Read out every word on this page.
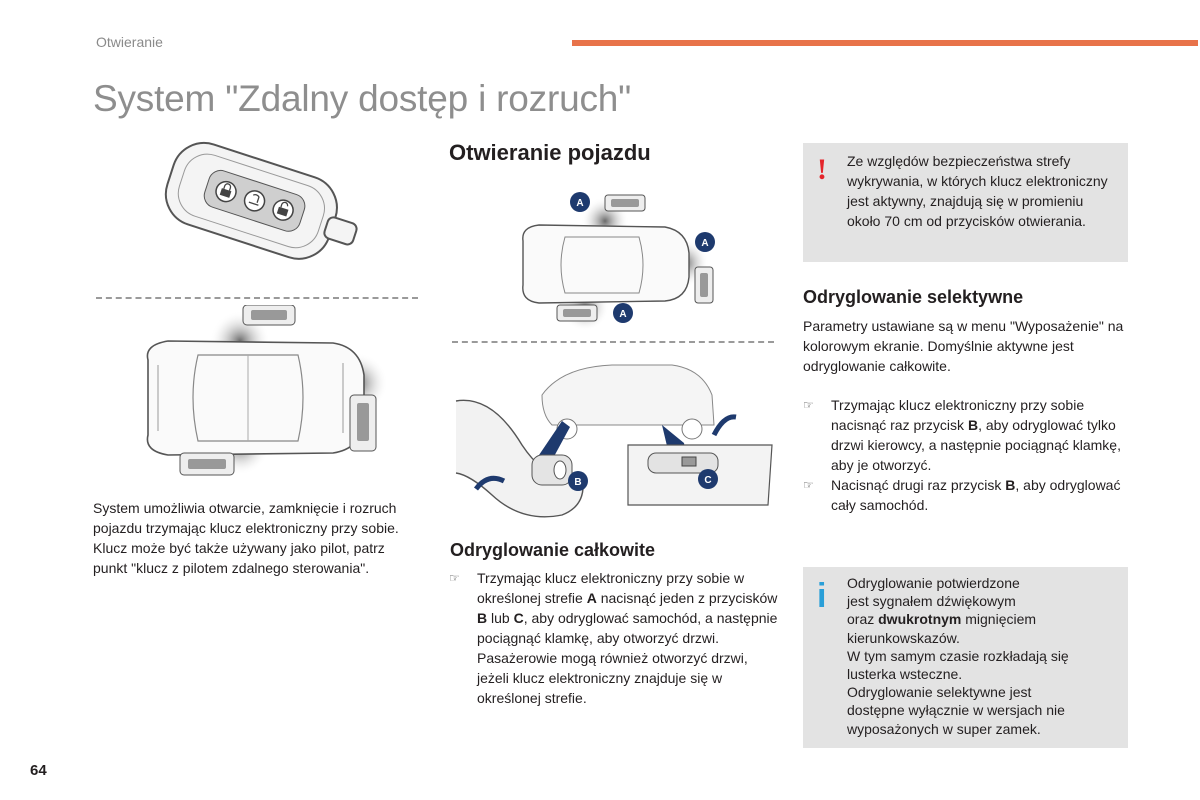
Otwieranie
System "Zdalny dostęp i rozruch"

System umożliwia otwarcie, zamknięcie i rozruch pojazdu trzymając klucz elektroniczny przy sobie.

Klucz może być także używany jako pilot, patrz punkt "klucz z pilotem zdalnego sterowania".

Otwieranie pojazdu
A
A
A
B	C
Odryglowanie całkowite
☞ Trzymając klucz elektroniczny przy sobie w określonej strefie A nacisnąć jeden z przycisków B lub C, aby odryglować samochód, a następnie pociągnąć klamkę, aby otworzyć drzwi.

Pasażerowie mogą również otworzyć drzwi, jeżeli klucz elektroniczny znajduje się w określonej strefie.

! Ze względów bezpieczeństwa strefy wykrywania, w których klucz elektroniczny jest aktywny, znajdują się w promieniu około 70 cm od przycisków otwierania.
Odryglowanie selektywne

Parametry ustawiane są w menu "Wyposażenie" na kolorowym ekranie. Domyślnie aktywne jest odryglowanie całkowite.

☞ Trzymając klucz elektroniczny przy sobie nacisnąć raz przycisk B, aby odryglować tylko drzwi kierowcy, a następnie pociągnąć klamkę, aby je otworzyć.
☞ Nacisnąć drugi raz przycisk B, aby odryglować cały samochód.
i Odryglowanie potwierdzone
jest sygnałem dźwiękowym
oraz dwukrotnym mignięciem
kierunkowskazów.
W tym samym czasie rozkładają się
lusterka wsteczne.
Odryglowanie selektywne jest
dostępne wyłącznie w wersjach nie
wyposażonych w super zamek.
64
